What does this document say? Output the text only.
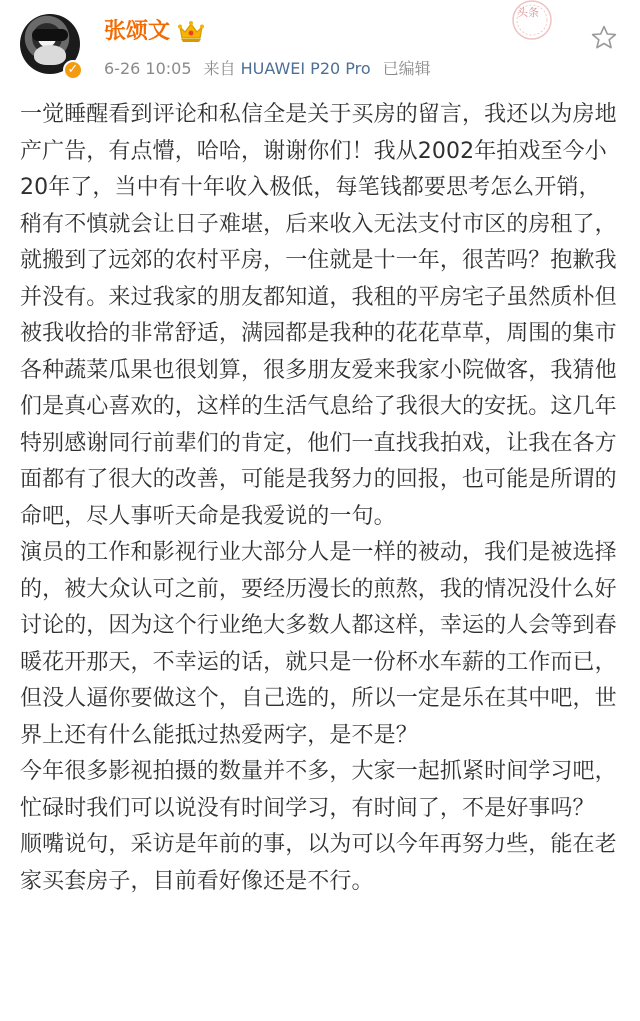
✓
张颂文
6-26 10:05 来自 HUAWEI P20 Pro 已编辑
头条

一觉睡醒看到评论和私信全是关于买房的留言，我还以为房地产广告，有点懵，哈哈，谢谢你们！我从2002年拍戏至今小20年了，当中有十年收入极低，每笔钱都要思考怎么开销，稍有不慎就会让日子难堪，后来收入无法支付市区的房租了，就搬到了远郊的农村平房，一住就是十一年，很苦吗？抱歉我并没有。来过我家的朋友都知道，我租的平房宅子虽然质朴但被我收拾的非常舒适，满园都是我种的花花草草，周围的集市各种蔬菜瓜果也很划算，很多朋友爱来我家小院做客，我猜他们是真心喜欢的，这样的生活气息给了我很大的安抚。这几年特别感谢同行前辈们的肯定，他们一直找我拍戏，让我在各方面都有了很大的改善，可能是我努力的回报，也可能是所谓的命吧，尽人事听天命是我爱说的一句。

演员的工作和影视行业大部分人是一样的被动，我们是被选择的，被大众认可之前，要经历漫长的煎熬，我的情况没什么好讨论的，因为这个行业绝大多数人都这样，幸运的人会等到春暖花开那天，不幸运的话，就只是一份杯水车薪的工作而已，但没人逼你要做这个，自己选的，所以一定是乐在其中吧，世界上还有什么能抵过热爱两字，是不是？

今年很多影视拍摄的数量并不多，大家一起抓紧时间学习吧，忙碌时我们可以说没有时间学习，有时间了，不是好事吗？

顺嘴说句，采访是年前的事，以为可以今年再努力些，能在老家买套房子，目前看好像还是不行。
